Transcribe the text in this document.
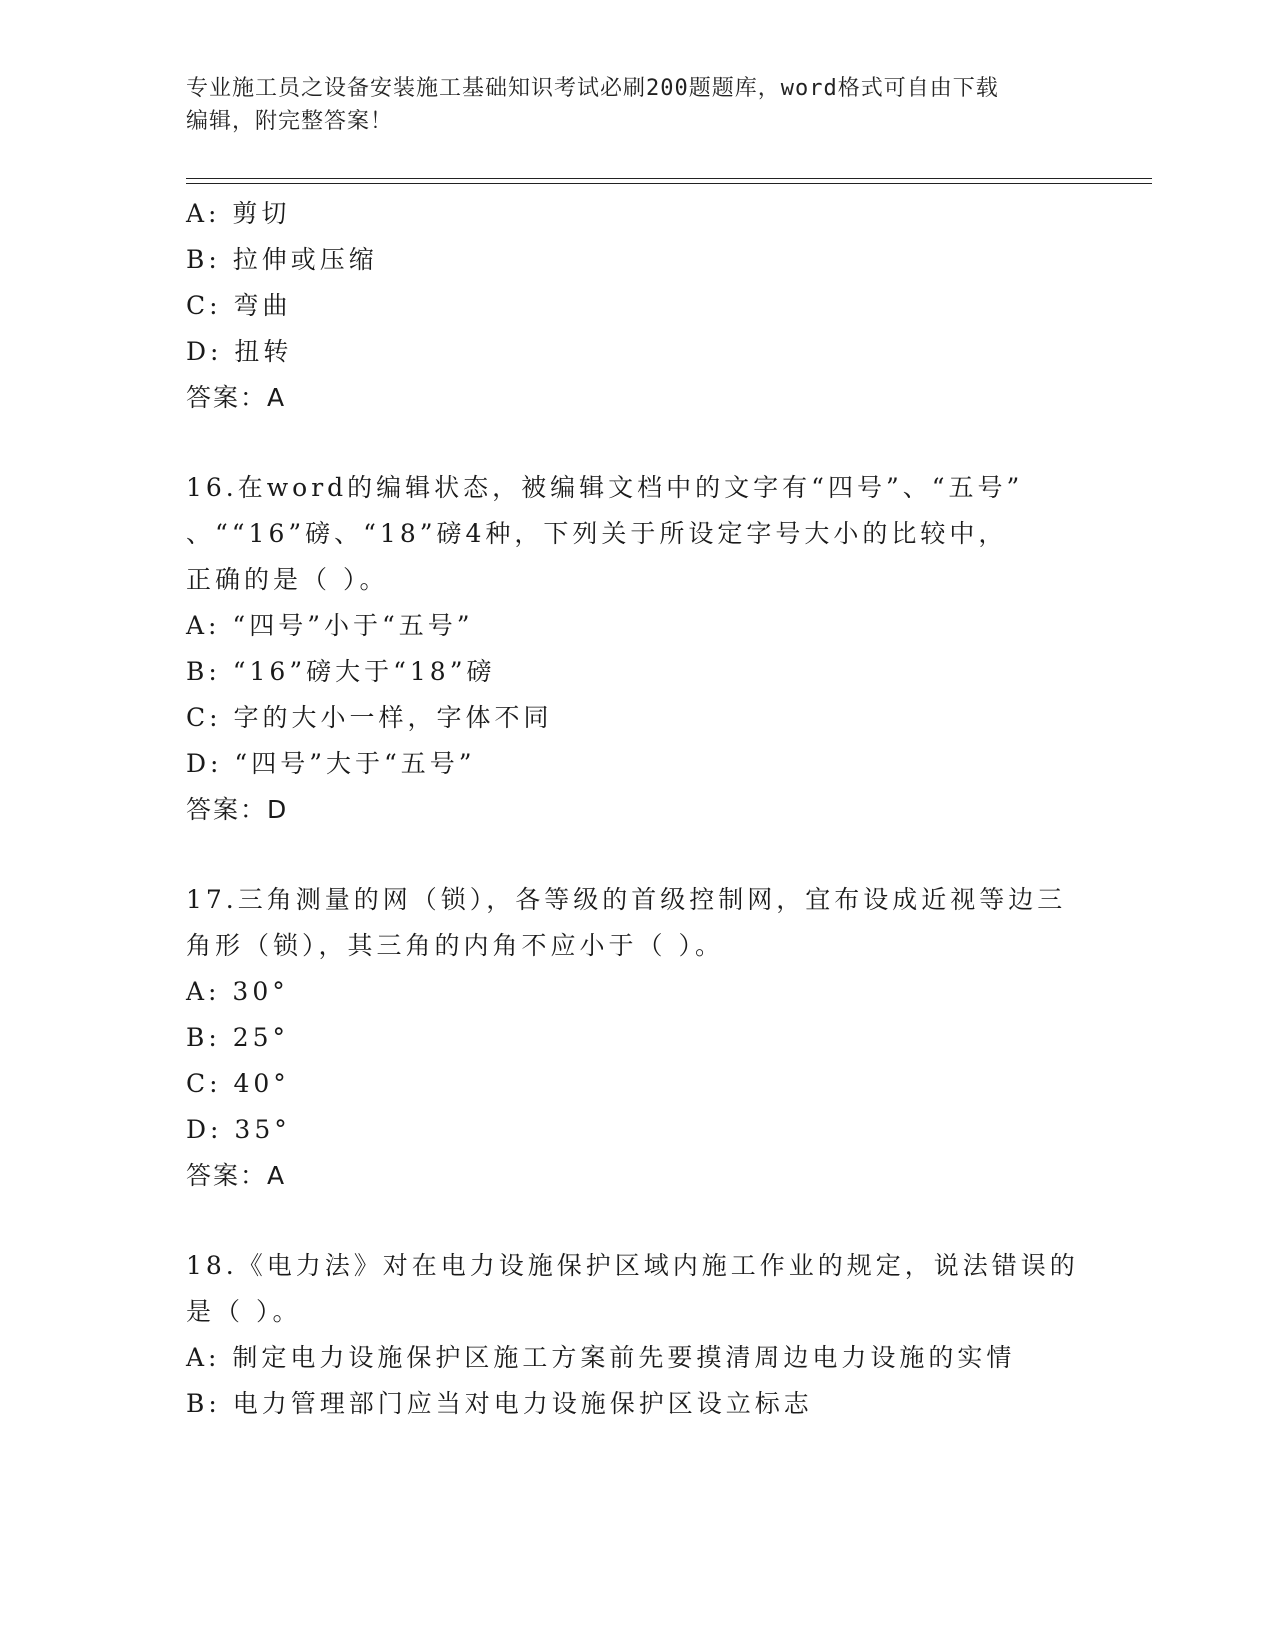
专业施工员之设备安装施工基础知识考试必刷200题题库，word格式可自由下载
编辑，附完整答案！
A: 剪切
B: 拉伸或压缩
C: 弯曲
D: 扭转
答案：A
16.在word的编辑状态，被编辑文档中的文字有“四号”、“五号”
、““16”磅、“18”磅4种，下列关于所设定字号大小的比较中，
正确的是（ ）。
A: “四号”小于“五号”
B: “16”磅大于“18”磅
C: 字的大小一样，字体不同
D: “四号”大于“五号”
答案：D
17.三角测量的网（锁），各等级的首级控制网，宜布设成近视等边三
角形（锁），其三角的内角不应小于（ ）。
A: 30°
B: 25°
C: 40°
D: 35°
答案：A
18.《电力法》对在电力设施保护区域内施工作业的规定，说法错误的
是（ ）。
A: 制定电力设施保护区施工方案前先要摸清周边电力设施的实情
B: 电力管理部门应当对电力设施保护区设立标志
